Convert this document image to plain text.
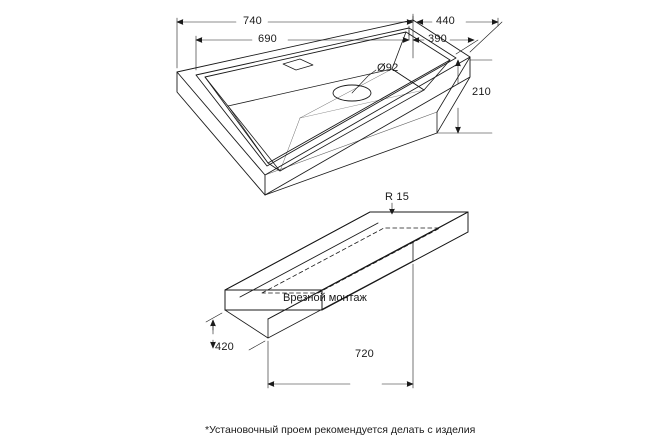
740
690
440
390
210
Ø92
R 15
Врезной монтаж
420
720
*Установочный проем рекомендуется делать с изделия
